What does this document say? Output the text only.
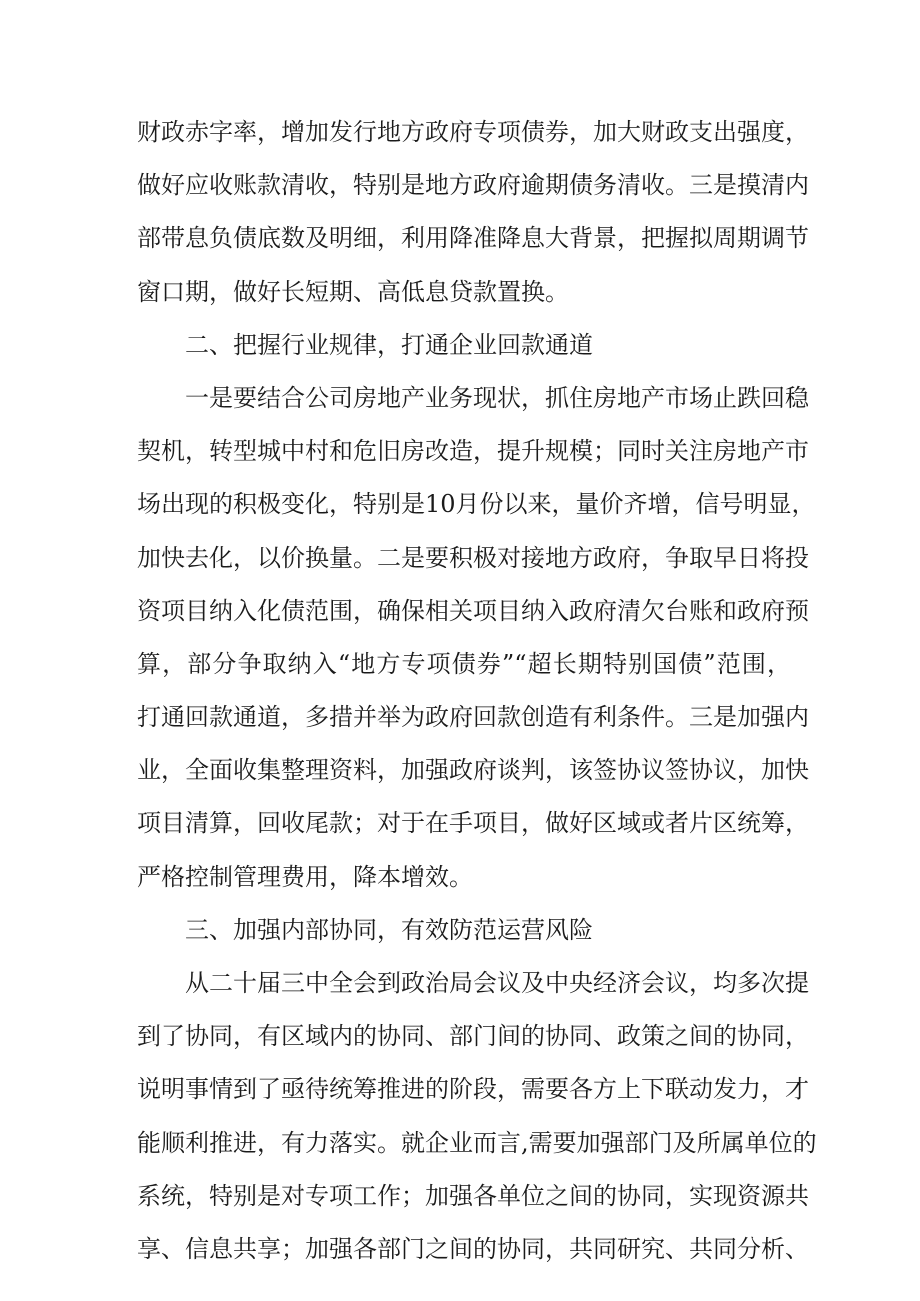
财政赤字率，增加发行地方政府专项债券，加大财政支出强度，
做好应收账款清收，特别是地方政府逾期债务清收。三是摸清内
部带息负债底数及明细，利用降准降息大背景，把握拟周期调节
窗口期，做好长短期、高低息贷款置换。
二、把握行业规律，打通企业回款通道
一是要结合公司房地产业务现状，抓住房地产市场止跌回稳
契机，转型城中村和危旧房改造，提升规模；同时关注房地产市
场出现的积极变化，特别是10月份以来，量价齐增，信号明显，
加快去化，以价换量。二是要积极对接地方政府，争取早日将投
资项目纳入化债范围，确保相关项目纳入政府清欠台账和政府预
算，部分争取纳入“地方专项债券”“超长期特别国债”范围，
打通回款通道，多措并举为政府回款创造有利条件。三是加强内
业，全面收集整理资料，加强政府谈判，该签协议签协议，加快
项目清算，回收尾款；对于在手项目，做好区域或者片区统筹，
严格控制管理费用，降本增效。
三、加强内部协同，有效防范运营风险
从二十届三中全会到政治局会议及中央经济会议，均多次提
到了协同，有区域内的协同、部门间的协同、政策之间的协同，
说明事情到了亟待统筹推进的阶段，需要各方上下联动发力，才
能顺利推进，有力落实。就企业而言,需要加强部门及所属单位的
系统，特别是对专项工作；加强各单位之间的协同，实现资源共
享、信息共享；加强各部门之间的协同，共同研究、共同分析、
